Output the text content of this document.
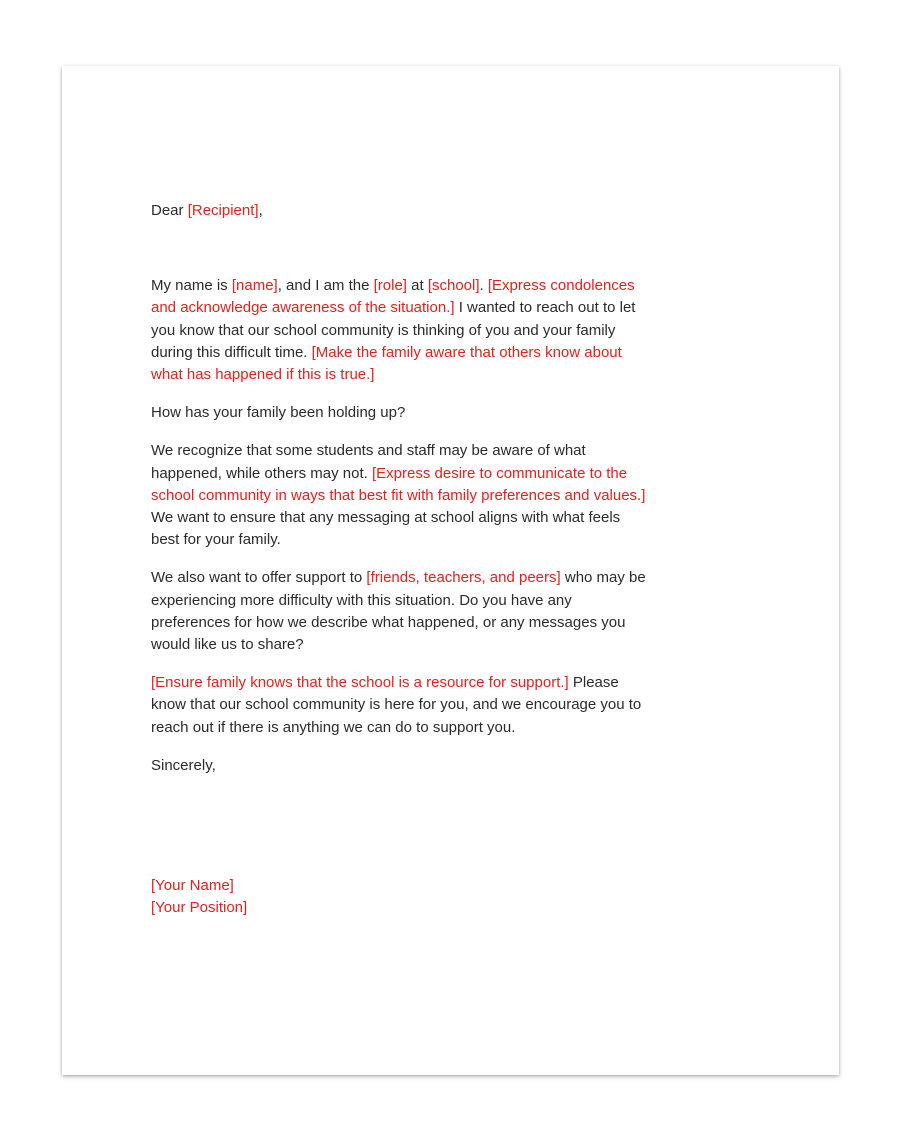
Dear [Recipient],

My name is [name], and I am the [role] at [school]. [Express condolences and acknowledge awareness of the situation.] I wanted to reach out to let you know that our school community is thinking of you and your family during this difficult time. [Make the family aware that others know about what has happened if this is true.]

How has your family been holding up?

We recognize that some students and staff may be aware of what happened, while others may not. [Express desire to communicate to the school community in ways that best fit with family preferences and values.] We want to ensure that any messaging at school aligns with what feels best for your family.

We also want to offer support to [friends, teachers, and peers] who may be experiencing more difficulty with this situation. Do you have any preferences for how we describe what happened, or any messages you would like us to share?

[Ensure family knows that the school is a resource for support.] Please know that our school community is here for you, and we encourage you to reach out if there is anything we can do to support you.

Sincerely,

[Your Name]
[Your Position]
